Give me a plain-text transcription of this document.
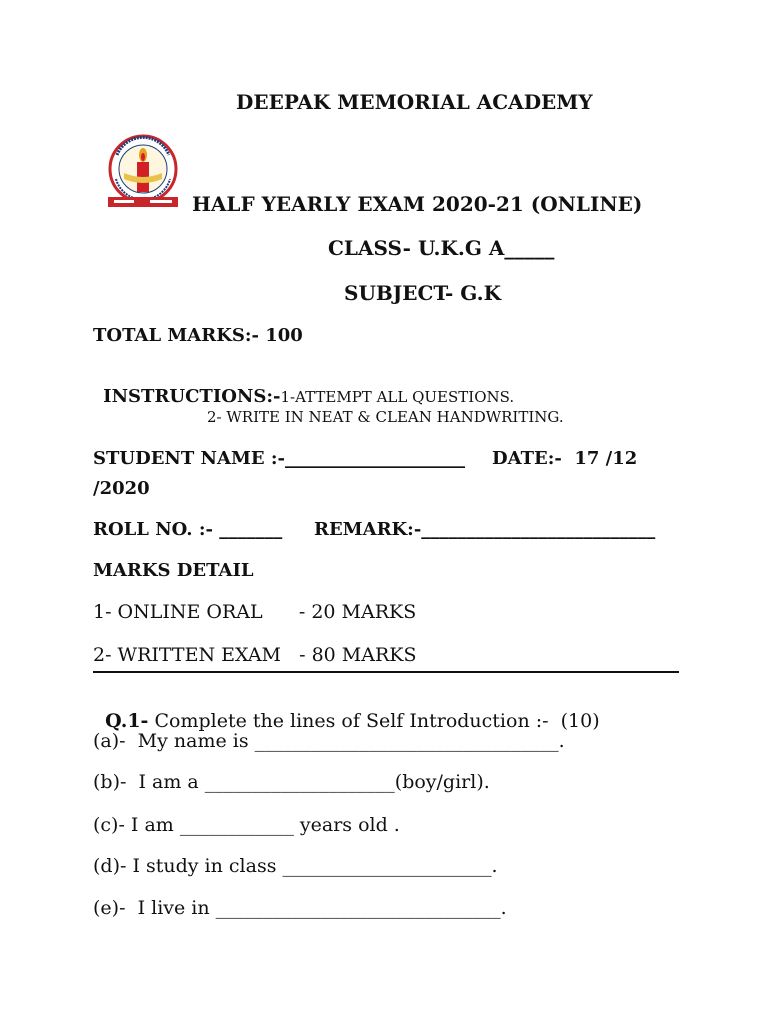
DEEPAK MEMORIAL ACADEMY
HALF YEARLY EXAM 2020-21 (ONLINE)
CLASS- U.K.G A_____
SUBJECT- G.K
TOTAL MARKS:- 100

INSTRUCTIONS:-1-ATTEMPT ALL QUESTIONS.

2- WRITE IN NEAT & CLEAN HANDWRITING.
STUDENT NAME :-____________________ DATE:-  17 /12
/2020
ROLL NO. :- _______ REMARK:-__________________________
MARKS DETAIL
1- ONLINE ORAL      - 20 MARKS
2- WRITTEN EXAM   - 80 MARKS

Q.1- Complete the lines of Self Introduction :-  (10)

(a)-  My name is ________________________________.
(b)-  I am a ____________________(boy/girl).
(c)- I am ____________ years old .
(d)- I study in class ______________________.
(e)-  I live in ______________________________.
